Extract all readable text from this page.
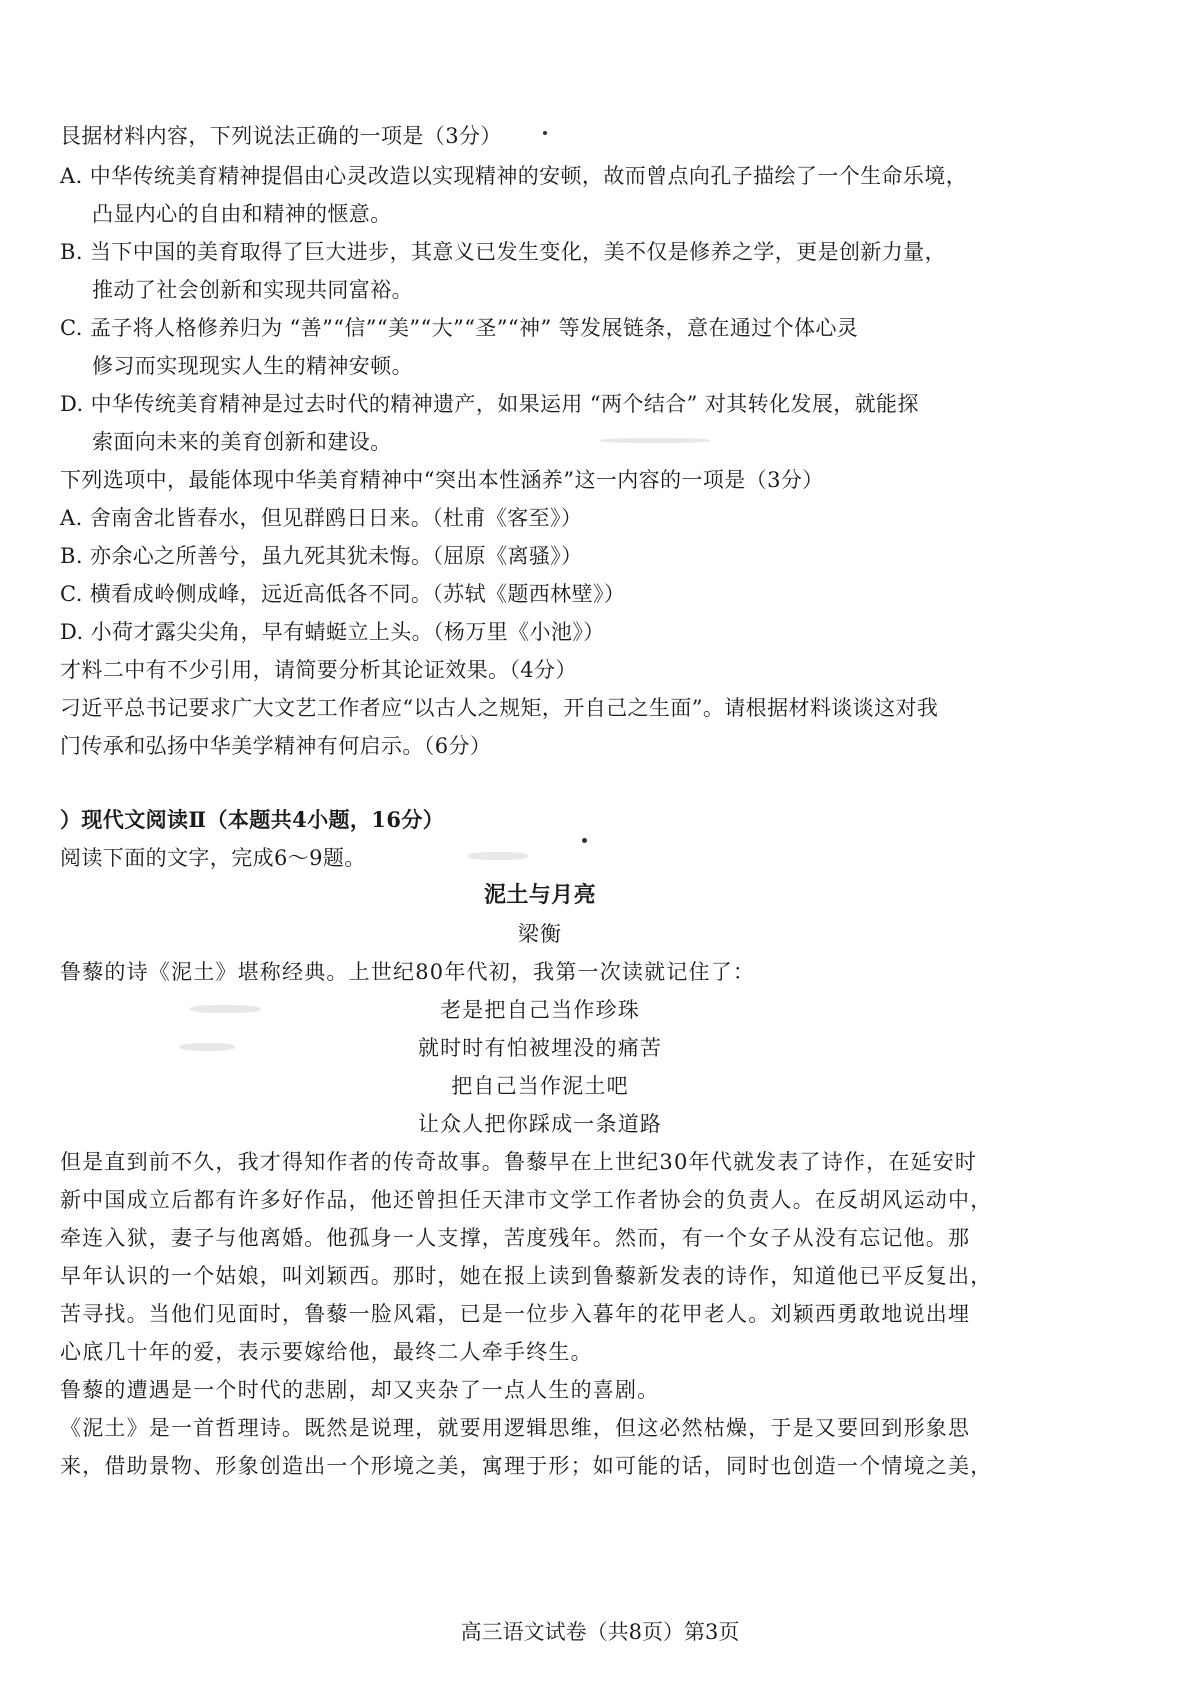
艮据材料内容，下列说法正确的一项是（3分）
A. 中华传统美育精神提倡由心灵改造以实现精神的安顿，故而曾点向孔子描绘了一个生命乐境，
凸显内心的自由和精神的惬意。
B. 当下中国的美育取得了巨大进步，其意义已发生变化，美不仅是修养之学，更是创新力量，
推动了社会创新和实现共同富裕。
C. 孟子将人格修养归为 “善”“信”“美”“大”“圣”“神” 等发展链条，意在通过个体心灵
修习而实现现实人生的精神安顿。
D. 中华传统美育精神是过去时代的精神遗产，如果运用 “两个结合” 对其转化发展，就能探
索面向未来的美育创新和建设。
下列选项中，最能体现中华美育精神中“突出本性涵养”这一内容的一项是（3分）
A. 舍南舍北皆春水，但见群鸥日日来。（杜甫《客至》）
B. 亦余心之所善兮，虽九死其犹未悔。（屈原《离骚》）
C. 横看成岭侧成峰，远近高低各不同。（苏轼《题西林壁》）
D. 小荷才露尖尖角，早有蜻蜓立上头。（杨万里《小池》）
才料二中有不少引用，请简要分析其论证效果。（4分）
刁近平总书记要求广大文艺工作者应“以古人之规矩，开自己之生面”。请根据材料谈谈这对我
门传承和弘扬中华美学精神有何启示。（6分）
）现代文阅读Ⅱ（本题共4小题，16分）
阅读下面的文字，完成6～9题。
泥土与月亮
梁衡
鲁藜的诗《泥土》堪称经典。上世纪80年代初，我第一次读就记住了：
老是把自己当作珍珠
就时时有怕被埋没的痛苦
把自己当作泥土吧
让众人把你踩成一条道路
但是直到前不久，我才得知作者的传奇故事。鲁藜早在上世纪30年代就发表了诗作，在延安时
新中国成立后都有许多好作品，他还曾担任天津市文学工作者协会的负责人。在反胡风运动中，
牵连入狱，妻子与他离婚。他孤身一人支撑，苦度残年。然而，有一个女子从没有忘记他。那
早年认识的一个姑娘，叫刘颖西。那时，她在报上读到鲁藜新发表的诗作，知道他已平反复出，
苦寻找。当他们见面时，鲁藜一脸风霜，已是一位步入暮年的花甲老人。刘颖西勇敢地说出埋
心底几十年的爱，表示要嫁给他，最终二人牵手终生。
鲁藜的遭遇是一个时代的悲剧，却又夹杂了一点人生的喜剧。
《泥土》是一首哲理诗。既然是说理，就要用逻辑思维，但这必然枯燥，于是又要回到形象思
来，借助景物、形象创造出一个形境之美，寓理于形；如可能的话，同时也创造一个情境之美，
高三语文试卷（共8页）第3页
